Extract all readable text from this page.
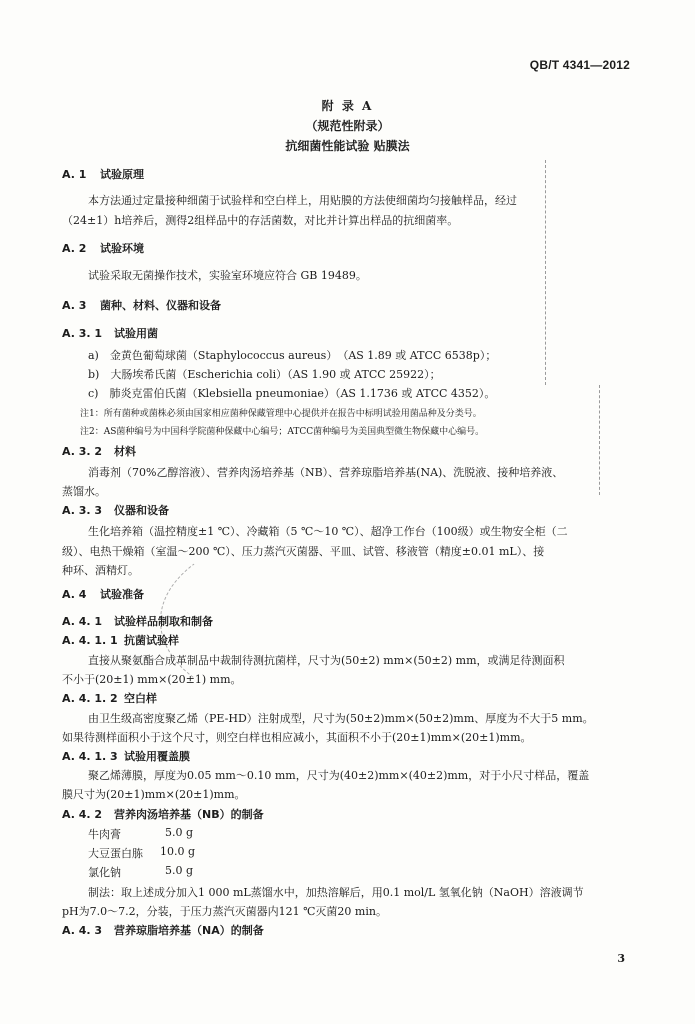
QB/T 4341—2012
附 录 A
（规范性附录）
抗细菌性能试验 贴膜法
A. 1 试验原理
本方法通过定量接种细菌于试验样和空白样上，用贴膜的方法使细菌均匀接触样品，经过
（24±1）h培养后，测得2组样品中的存活菌数，对比并计算出样品的抗细菌率。
A. 2 试验环境
试验采取无菌操作技术，实验室环境应符合 GB 19489。
A. 3 菌种、材料、仪器和设备
A. 3. 1 试验用菌
a)　金黄色葡萄球菌（Staphylococcus aureus）　（AS 1.89 或 ATCC 6538p）；
b)　大肠埃希氏菌（Escherichia coli）（AS 1.90 或 ATCC 25922）；
c)　肺炎克雷伯氏菌（Klebsiella pneumoniae）（AS 1.1736 或 ATCC 4352）。
注1：所有菌种或菌株必须由国家相应菌种保藏管理中心提供并在报告中标明试验用菌品种及分类号。
注2：AS菌种编号为中国科学院菌种保藏中心编号；ATCC菌种编号为美国典型微生物保藏中心编号。
A. 3. 2 材料
消毒剂（70%乙醇溶液）、营养肉汤培养基（NB）、营养琼脂培养基(NA)、洗脱液、接种培养液、
蒸馏水。
A. 3. 3 仪器和设备
生化培养箱（温控精度±1 ℃）、冷藏箱（5 ℃～10 ℃）、超净工作台（100级）或生物安全柜（二
级）、电热干燥箱（室温～200 ℃）、压力蒸汽灭菌器、平皿、试管、移液管（精度±0.01 mL）、接
种环、酒精灯。
A. 4 试验准备
A. 4. 1 试验样品制取和制备
A. 4. 1. 1 抗菌试验样
直接从聚氨酯合成革制品中裁制待测抗菌样，尺寸为(50±2) mm×(50±2) mm，或满足待测面积
不小于(20±1) mm×(20±1) mm。
A. 4. 1. 2 空白样
由卫生级高密度聚乙烯（PE-HD）注射成型，尺寸为(50±2)mm×(50±2)mm、厚度为不大于5 mm。
如果待测样面积小于这个尺寸，则空白样也相应减小，其面积不小于(20±1)mm×(20±1)mm。
A. 4. 1. 3 试验用覆盖膜
聚乙烯薄膜，厚度为0.05 mm～0.10 mm，尺寸为(40±2)mm×(40±2)mm，对于小尺寸样品，覆盖
膜尺寸为(20±1)mm×(20±1)mm。
A. 4. 2 营养肉汤培养基（NB）的制备
牛肉膏	5.0 g
大豆蛋白胨 10.0 g
氯化钠	5.0 g
制法：取上述成分加入1 000 mL蒸馏水中，加热溶解后，用0.1 mol/L 氢氧化钠（NaOH）溶液调节
pH为7.0～7.2，分装，于压力蒸汽灭菌器内121 ℃灭菌20 min。
A. 4. 3 营养琼脂培养基（NA）的制备
3
